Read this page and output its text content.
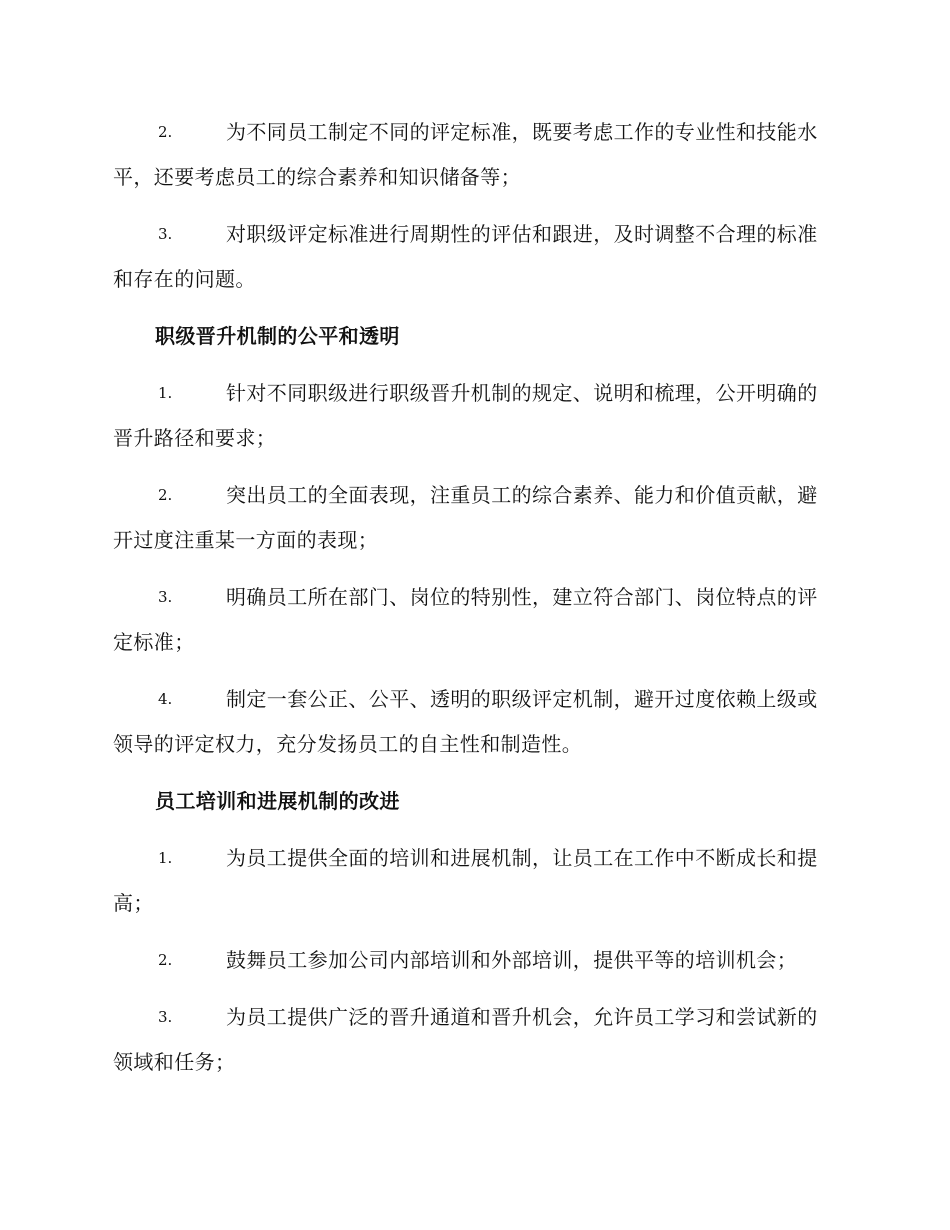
2.	为不同员工制定不同的评定标准，既要考虑工作的专业性和技能水平，还要考虑员工的综合素养和知识储备等；
3.	对职级评定标准进行周期性的评估和跟进，及时调整不合理的标准和存在的问题。
职级晋升机制的公平和透明
1.	针对不同职级进行职级晋升机制的规定、说明和梳理，公开明确的晋升路径和要求；
2.	突出员工的全面表现，注重员工的综合素养、能力和价值贡献，避开过度注重某一方面的表现；
3.	明确员工所在部门、岗位的特别性，建立符合部门、岗位特点的评定标准；
4.	制定一套公正、公平、透明的职级评定机制，避开过度依赖上级或领导的评定权力，充分发扬员工的自主性和制造性。
员工培训和进展机制的改进
1.	为员工提供全面的培训和进展机制，让员工在工作中不断成长和提高；
2.	鼓舞员工参加公司内部培训和外部培训，提供平等的培训机会；
3.	为员工提供广泛的晋升通道和晋升机会，允许员工学习和尝试新的领域和任务；
